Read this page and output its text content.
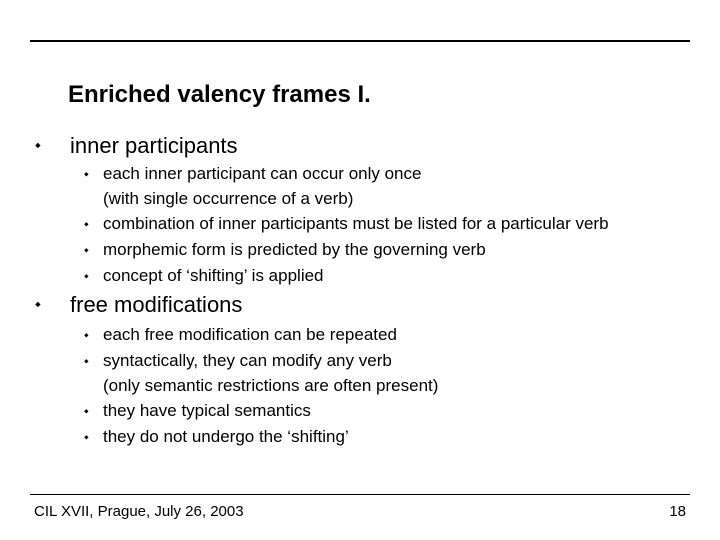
Enriched valency frames I.
⬩ inner participants
⬩ each inner participant can occur only once
(with single occurrence of a verb)
⬩ combination of inner participants must be listed for a particular verb
⬩ morphemic form is predicted by the governing verb
⬩ concept of ‘shifting’ is applied
⬩ free modifications
⬩ each free modification can be repeated
⬩ syntactically, they can modify any verb
(only semantic restrictions are often present)
⬩ they have typical semantics
⬩ they do not undergo the ‘shifting’
CIL XVII, Prague, July 26, 2003	18
